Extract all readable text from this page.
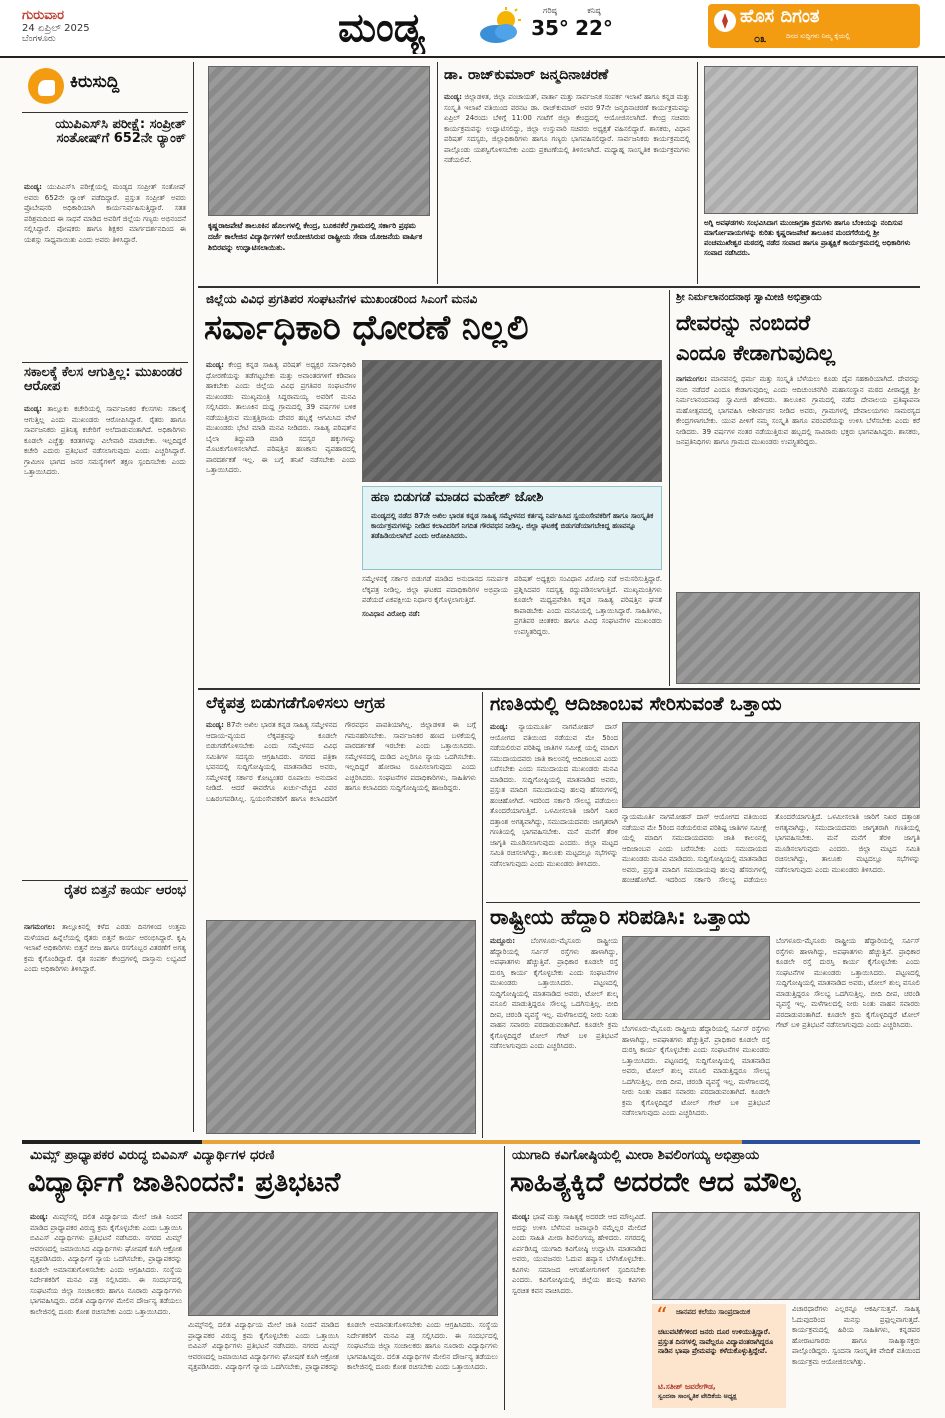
ಗುರುವಾರ
24 ಏಪ್ರಿಲ್ 2025
ಬೆಂಗಳೂರು	ಮಂಡ್ಯ	ಗರಿಷ್ಠ
35°
ಕನಿಷ್ಠ
22°	ಹೊಸ ದಿಗಂತ
ದಿನದ ಸುದ್ದಿಗಳು ನಿಮ್ಮ ಕೈಯಲ್ಲಿ
೦೩
ಕಿರುಸುದ್ದಿ
ಯುಪಿಎಸ್‌ಸಿ ಪರೀಕ್ಷೆ: ಸಂಪ್ರೀತ್ ಸಂತೋಷ್‌ಗೆ 652ನೇ ರ‍್ಯಾಂಕ್
ಮಂಡ್ಯ: ಯುಪಿಎಸ್‌ಸಿ ಪರೀಕ್ಷೆಯಲ್ಲಿ ಮಂಡ್ಯದ ಸಂಪ್ರೀತ್ ಸಂತೋಷ್ ಅವರು 652ನೇ ರ‍್ಯಾಂಕ್ ಪಡೆದಿದ್ದಾರೆ. ಪ್ರಸ್ತುತ ಸಂಪ್ರೀತ್ ಅವರು ಪ್ರೊಬೇಷನರಿ ಅಧಿಕಾರಿಯಾಗಿ ಕಾರ್ಯನಿರ್ವಹಿಸುತ್ತಿದ್ದಾರೆ. ಸತತ ಪರಿಶ್ರಮದಿಂದ ಈ ಸಾಧನೆ ಮಾಡಿದ ಅವರಿಗೆ ಜಿಲ್ಲೆಯ ಗಣ್ಯರು ಅಭಿನಂದನೆ ಸಲ್ಲಿಸಿದ್ದಾರೆ. ಪೋಷಕರು ಹಾಗೂ ಶಿಕ್ಷಕರ ಮಾರ್ಗದರ್ಶನದಿಂದ ಈ ಯಶಸ್ಸು ಸಾಧ್ಯವಾಯಿತು ಎಂದು ಅವರು ತಿಳಿಸಿದ್ದಾರೆ.
ಸಕಾಲಕ್ಕೆ ಕೆಲಸ ಆಗುತ್ತಿಲ್ಲ: ಮುಖಂಡರ ಆರೋಪ
ಮಂಡ್ಯ: ತಾಲ್ಲೂಕು ಕಚೇರಿಯಲ್ಲಿ ಸಾರ್ವಜನಿಕರ ಕೆಲಸಗಳು ಸಕಾಲಕ್ಕೆ ಆಗುತ್ತಿಲ್ಲ ಎಂದು ಮುಖಂಡರು ಆರೋಪಿಸಿದ್ದಾರೆ. ರೈತರು ಹಾಗೂ ಸಾರ್ವಜನಿಕರು ಪ್ರತಿನಿತ್ಯ ಕಚೇರಿಗೆ ಅಲೆದಾಡುವಂತಾಗಿದೆ. ಅಧಿಕಾರಿಗಳು ಕೂಡಲೇ ಎಚ್ಚೆತ್ತು ಕಡತಗಳನ್ನು ವಿಲೇವಾರಿ ಮಾಡಬೇಕು. ಇಲ್ಲದಿದ್ದರೆ ಕಚೇರಿ ಎದುರು ಪ್ರತಿಭಟನೆ ನಡೆಸಲಾಗುವುದು ಎಂದು ಎಚ್ಚರಿಸಿದ್ದಾರೆ. ಗ್ರಾಮೀಣ ಭಾಗದ ಜನರ ಸಮಸ್ಯೆಗಳಿಗೆ ತಕ್ಷಣ ಸ್ಪಂದಿಸಬೇಕು ಎಂದು ಒತ್ತಾಯಿಸಿದರು.
ರೈತರ ಬಿತ್ತನೆ ಕಾರ್ಯ ಆರಂಭ
ನಾಗಮಂಗಲ: ತಾಲ್ಲೂಕಿನಲ್ಲಿ ಕಳೆದ ಎರಡು ದಿನಗಳಿಂದ ಉತ್ತಮ ಮಳೆಯಾದ ಹಿನ್ನೆಲೆಯಲ್ಲಿ ರೈತರು ಬಿತ್ತನೆ ಕಾರ್ಯ ಆರಂಭಿಸಿದ್ದಾರೆ. ಕೃಷಿ ಇಲಾಖೆ ಅಧಿಕಾರಿಗಳು ಬಿತ್ತನೆ ಬೀಜ ಹಾಗೂ ರಸಗೊಬ್ಬರ ವಿತರಣೆಗೆ ಅಗತ್ಯ ಕ್ರಮ ಕೈಗೊಂಡಿದ್ದಾರೆ. ರೈತ ಸಂಪರ್ಕ ಕೇಂದ್ರಗಳಲ್ಲಿ ದಾಸ್ತಾನು ಲಭ್ಯವಿದೆ ಎಂದು ಅಧಿಕಾರಿಗಳು ತಿಳಿಸಿದ್ದಾರೆ.
ಕೃಷ್ಣರಾಜಪೇಟೆ ತಾಲೂಕಿನ ಹೊಲಗಳಲ್ಲಿ ಕೇಂದ್ರ, ಬೂಕನಕೆರೆ ಗ್ರಾಮದಲ್ಲಿ ಸರ್ಕಾರಿ ಪ್ರಥಮ ದರ್ಜೆ ಕಾಲೇಜಿನ ವಿದ್ಯಾರ್ಥಿಗಳಿಗೆ ಆಯೋಜಿಸಿರುವ ರಾಷ್ಟ್ರೀಯ ಸೇವಾ ಯೋಜನೆಯ ವಾರ್ಷಿಕ ಶಿಬಿರವನ್ನು ಉದ್ಘಾಟಿಸಲಾಯಿತು.
ಡಾ. ರಾಜ್‌ಕುಮಾರ್ ಜನ್ಮದಿನಾಚರಣೆ
ಮಂಡ್ಯ: ಜಿಲ್ಲಾಡಳಿತ, ಜಿಲ್ಲಾ ಪಂಚಾಯತ್, ವಾರ್ತಾ ಮತ್ತು ಸಾರ್ವಜನಿಕ ಸಂಪರ್ಕ ಇಲಾಖೆ ಹಾಗೂ ಕನ್ನಡ ಮತ್ತು ಸಂಸ್ಕೃತಿ ಇಲಾಖೆ ವತಿಯಿಂದ ವರನಟ ಡಾ. ರಾಜ್‌ಕುಮಾರ್ ಅವರ 97ನೇ ಜನ್ಮದಿನಾಚರಣೆ ಕಾರ್ಯಕ್ರಮವನ್ನು ಏಪ್ರಿಲ್ 24ರಂದು ಬೆಳಿಗ್ಗೆ 11:00 ಗಂಟೆಗೆ ಜಿಲ್ಲಾ ಕೇಂದ್ರದಲ್ಲಿ ಆಯೋಜಿಸಲಾಗಿದೆ. ಕೇಂದ್ರ ಸಚಿವರು ಕಾರ್ಯಕ್ರಮವನ್ನು ಉದ್ಘಾಟಿಸಲಿದ್ದು, ಜಿಲ್ಲಾ ಉಸ್ತುವಾರಿ ಸಚಿವರು ಅಧ್ಯಕ್ಷತೆ ವಹಿಸಲಿದ್ದಾರೆ. ಶಾಸಕರು, ವಿಧಾನ ಪರಿಷತ್ ಸದಸ್ಯರು, ಜಿಲ್ಲಾಧಿಕಾರಿಗಳು ಹಾಗೂ ಗಣ್ಯರು ಭಾಗವಹಿಸಲಿದ್ದಾರೆ. ಸಾರ್ವಜನಿಕರು ಕಾರ್ಯಕ್ರಮದಲ್ಲಿ ಪಾಲ್ಗೊಂಡು ಯಶಸ್ವಿಗೊಳಿಸಬೇಕು ಎಂದು ಪ್ರಕಟಣೆಯಲ್ಲಿ ತಿಳಿಸಲಾಗಿದೆ. ಮಧ್ಯಾಹ್ನ ಸಾಂಸ್ಕೃತಿಕ ಕಾರ್ಯಕ್ರಮಗಳು ನಡೆಯಲಿವೆ.
ಅಗ್ನಿ ಅವಘಡಗಳು ಸಂಭವಿಸಿದಾಗ ಮುಂಜಾಗ್ರತಾ ಕ್ರಮಗಳು ಹಾಗೂ ಬೆಂಕಿಯನ್ನು ನಂದಿಸುವ ಮಾರ್ಗೋಪಾಯಗಳನ್ನು ಕುರಿತು ಕೃಷ್ಣರಾಜಪೇಟೆ ತಾಲೂಕಿನ ಮಂದಗೆರೆಯಲ್ಲಿ ಶ್ರೀ ಪಂಚಮುಖೇಶ್ವರ ಮಠದಲ್ಲಿ ನಡೆದ ಸಂವಾದ ಹಾಗೂ ಪ್ರಾತ್ಯಕ್ಷಿಕೆ ಕಾರ್ಯಕ್ರಮದಲ್ಲಿ ಅಧಿಕಾರಿಗಳು ಸಂವಾದ ನಡೆಸಿದರು.
ಜಿಲ್ಲೆಯ ವಿವಿಧ ಪ್ರಗತಿಪರ ಸಂಘಟನೆಗಳ ಮುಖಂಡರಿಂದ ಸಿಎಂಗೆ ಮನವಿ
ಸರ್ವಾಧಿಕಾರಿ ಧೋರಣೆ ನಿಲ್ಲಲಿ
ಮಂಡ್ಯ: ಕೇಂದ್ರ ಕನ್ನಡ ಸಾಹಿತ್ಯ ಪರಿಷತ್ ಅಧ್ಯಕ್ಷರ ಸರ್ವಾಧಿಕಾರಿ ಧೋರಣೆಯನ್ನು ತಡೆಗಟ್ಟಬೇಕು ಮತ್ತು ಅವಾಂತರಗಳಿಗೆ ಕಡಿವಾಣ ಹಾಕಬೇಕು ಎಂದು ಜಿಲ್ಲೆಯ ವಿವಿಧ ಪ್ರಗತಿಪರ ಸಂಘಟನೆಗಳ ಮುಖಂಡರು ಮುಖ್ಯಮಂತ್ರಿ ಸಿದ್ದರಾಮಯ್ಯ ಅವರಿಗೆ ಮನವಿ ಸಲ್ಲಿಸಿದರು. ತಾಲೂಕಿನ ದುದ್ದ ಗ್ರಾಮದಲ್ಲಿ 39 ವರ್ಷಗಳ ಬಳಿಕ ನಡೆಯುತ್ತಿರುವ ಮುತ್ತತ್ತಿರಾಯ ದೇವರ ಹಬ್ಬಕ್ಕೆ ಆಗಮಿಸಿದ ವೇಳೆ ಮುಖಂಡರು ಭೇಟಿ ಮಾಡಿ ಮನವಿ ನೀಡಿದರು. ಸಾಹಿತ್ಯ ಪರಿಷತ್‌ನ ಬೈಲಾ ತಿದ್ದುಪಡಿ ಮಾಡಿ ಸದಸ್ಯರ ಹಕ್ಕುಗಳನ್ನು ಮೊಟಕುಗೊಳಿಸಲಾಗಿದೆ. ಪರಿಷತ್ತಿನ ಹಣಕಾಸು ವ್ಯವಹಾರದಲ್ಲಿ ಪಾರದರ್ಶಕತೆ ಇಲ್ಲ. ಈ ಬಗ್ಗೆ ತನಿಖೆ ನಡೆಸಬೇಕು ಎಂದು ಒತ್ತಾಯಿಸಿದರು.
ಹಣ ಬಿಡುಗಡೆ ಮಾಡದ ಮಹೇಶ್ ಜೋಶಿ
ಮಂಡ್ಯದಲ್ಲಿ ನಡೆದ 87ನೇ ಅಖಿಲ ಭಾರತ ಕನ್ನಡ ಸಾಹಿತ್ಯ ಸಮ್ಮೇಳನದ ಕರ್ತವ್ಯ ನಿರ್ವಹಿಸಿದ ಸ್ವಯಂಸೇವಕರಿಗೆ ಹಾಗೂ ಸಾಂಸ್ಕೃತಿಕ ಕಾರ್ಯಕ್ರಮಗಳನ್ನು ನೀಡಿದ ಕಲಾವಿದರಿಗೆ ನಿಗದಿತ ಗೌರವಧನ ನೀಡಿಲ್ಲ. ಜಿಲ್ಲಾ ಘಟಕಕ್ಕೆ ಬಿಡುಗಡೆಯಾಗಬೇಕಿದ್ದ ಹಣವನ್ನೂ ತಡೆಹಿಡಿಯಲಾಗಿದೆ ಎಂದು ಆರೋಪಿಸಿದರು.
ಸಮ್ಮೇಳನಕ್ಕೆ ಸರ್ಕಾರ ಬಿಡುಗಡೆ ಮಾಡಿದ ಅನುದಾನದ ಸಮರ್ಪಕ ಲೆಕ್ಕಪತ್ರ ನೀಡಿಲ್ಲ. ಜಿಲ್ಲಾ ಘಟಕದ ಪದಾಧಿಕಾರಿಗಳ ಅಭಿಪ್ರಾಯ ಪಡೆಯದೆ ಏಕಪಕ್ಷೀಯ ನಿರ್ಧಾರ ಕೈಗೊಳ್ಳಲಾಗುತ್ತಿದೆ.
ಸಂವಿಧಾನ ವಿರೋಧಿ ನಡೆ:
ಪರಿಷತ್ ಅಧ್ಯಕ್ಷರು ಸಂವಿಧಾನ ವಿರೋಧಿ ನಡೆ ಅನುಸರಿಸುತ್ತಿದ್ದಾರೆ. ಪ್ರಶ್ನಿಸಿದವರ ಸದಸ್ಯತ್ವ ರದ್ದುಪಡಿಸಲಾಗುತ್ತಿದೆ. ಮುಖ್ಯಮಂತ್ರಿಗಳು ಕೂಡಲೇ ಮಧ್ಯಪ್ರವೇಶಿಸಿ ಕನ್ನಡ ಸಾಹಿತ್ಯ ಪರಿಷತ್ತಿನ ಘನತೆ ಕಾಪಾಡಬೇಕು ಎಂದು ಮನವಿಯಲ್ಲಿ ಒತ್ತಾಯಿಸಿದ್ದಾರೆ. ಸಾಹಿತಿಗಳು, ಪ್ರಗತಿಪರ ಚಿಂತಕರು ಹಾಗೂ ವಿವಿಧ ಸಂಘಟನೆಗಳ ಮುಖಂಡರು ಉಪಸ್ಥಿತರಿದ್ದರು.
ಶ್ರೀ ನಿರ್ಮಲಾನಂದನಾಥ ಸ್ವಾಮೀಜಿ ಅಭಿಪ್ರಾಯ
ದೇವರನ್ನು ನಂಬಿದರೆ
ಎಂದೂ ಕೇಡಾಗುವುದಿಲ್ಲ
ನಾಗಮಂಗಲ: ಮಾನವನಲ್ಲಿ ಧರ್ಮ ಮತ್ತು ಸಂಸ್ಕೃತಿ ಬೆಳೆಯಲು ಕೂಡು ದೈವ ಸಹಕಾರಿಯಾಗಿದೆ. ದೇವರನ್ನು ನಂಬಿ ನಡೆದರೆ ಎಂದೂ ಕೇಡಾಗುವುದಿಲ್ಲ ಎಂದು ಆದಿಚುಂಚನಗಿರಿ ಮಹಾಸಂಸ್ಥಾನ ಮಠದ ಪೀಠಾಧ್ಯಕ್ಷ ಶ್ರೀ ನಿರ್ಮಲಾನಂದನಾಥ ಸ್ವಾಮೀಜಿ ಹೇಳಿದರು. ತಾಲೂಕಿನ ಗ್ರಾಮದಲ್ಲಿ ನಡೆದ ದೇವಾಲಯ ಪ್ರತಿಷ್ಠಾಪನಾ ಮಹೋತ್ಸವದಲ್ಲಿ ಭಾಗವಹಿಸಿ ಆಶೀರ್ವಚನ ನೀಡಿದ ಅವರು, ಗ್ರಾಮಗಳಲ್ಲಿ ದೇವಾಲಯಗಳು ಸಾಮರಸ್ಯದ ಕೇಂದ್ರಗಳಾಗಬೇಕು. ಯುವ ಪೀಳಿಗೆ ನಮ್ಮ ಸಂಸ್ಕೃತಿ ಹಾಗೂ ಪರಂಪರೆಯನ್ನು ಉಳಿಸಿ ಬೆಳೆಸಬೇಕು ಎಂದು ಕರೆ ನೀಡಿದರು. 39 ವರ್ಷಗಳ ನಂತರ ನಡೆಯುತ್ತಿರುವ ಹಬ್ಬದಲ್ಲಿ ಸಾವಿರಾರು ಭಕ್ತರು ಭಾಗವಹಿಸಿದ್ದರು. ಶಾಸಕರು, ಜನಪ್ರತಿನಿಧಿಗಳು ಹಾಗೂ ಗ್ರಾಮದ ಮುಖಂಡರು ಉಪಸ್ಥಿತರಿದ್ದರು.
ಲೆಕ್ಕಪತ್ರ ಬಿಡುಗಡೆಗೊಳಿಸಲು ಆಗ್ರಹ
ಮಂಡ್ಯ: 87ನೇ ಅಖಿಲ ಭಾರತ ಕನ್ನಡ ಸಾಹಿತ್ಯ ಸಮ್ಮೇಳನದ ಆದಾಯ-ವ್ಯಯದ ಲೆಕ್ಕಪತ್ರವನ್ನು ಕೂಡಲೇ ಬಿಡುಗಡೆಗೊಳಿಸಬೇಕು ಎಂದು ಸಮ್ಮೇಳನದ ವಿವಿಧ ಸಮಿತಿಗಳ ಸದಸ್ಯರು ಆಗ್ರಹಿಸಿದರು. ನಗರದ ಪತ್ರಿಕಾ ಭವನದಲ್ಲಿ ಸುದ್ದಿಗೋಷ್ಠಿಯಲ್ಲಿ ಮಾತನಾಡಿದ ಅವರು, ಸಮ್ಮೇಳನಕ್ಕೆ ಸರ್ಕಾರ ಕೋಟ್ಯಂತರ ರೂಪಾಯಿ ಅನುದಾನ ನೀಡಿದೆ. ಆದರೆ ಈವರೆಗೂ ಖರ್ಚು-ವೆಚ್ಚದ ವಿವರ ಬಹಿರಂಗಪಡಿಸಿಲ್ಲ. ಸ್ವಯಂಸೇವಕರಿಗೆ ಹಾಗೂ ಕಲಾವಿದರಿಗೆ ಗೌರವಧನ ಪಾವತಿಯಾಗಿಲ್ಲ. ಜಿಲ್ಲಾಡಳಿತ ಈ ಬಗ್ಗೆ ಗಮನಹರಿಸಬೇಕು. ಸಾರ್ವಜನಿಕರ ಹಣದ ಬಳಕೆಯಲ್ಲಿ ಪಾರದರ್ಶಕತೆ ಇರಬೇಕು ಎಂದು ಒತ್ತಾಯಿಸಿದರು. ಸಮ್ಮೇಳನದಲ್ಲಿ ದುಡಿದ ಎಲ್ಲರಿಗೂ ನ್ಯಾಯ ಒದಗಿಸಬೇಕು. ಇಲ್ಲದಿದ್ದರೆ ಹೋರಾಟ ರೂಪಿಸಲಾಗುವುದು ಎಂದು ಎಚ್ಚರಿಸಿದರು. ಸಂಘಟನೆಗಳ ಪದಾಧಿಕಾರಿಗಳು, ಸಾಹಿತಿಗಳು ಹಾಗೂ ಕಲಾವಿದರು ಸುದ್ದಿಗೋಷ್ಠಿಯಲ್ಲಿ ಹಾಜರಿದ್ದರು.
ಗಣತಿಯಲ್ಲಿ ಆದಿಜಾಂಬವ ಸೇರಿಸುವಂತೆ ಒತ್ತಾಯ
ಮಂಡ್ಯ: ನ್ಯಾಯಮೂರ್ತಿ ನಾಗಮೋಹನ್ ದಾಸ್ ಆಯೋಗದ ವತಿಯಿಂದ ನಡೆಯುವ ಮೇ 5ರಿಂದ ನಡೆಯಲಿರುವ ಪರಿಶಿಷ್ಟ ಜಾತಿಗಳ ಸಮೀಕ್ಷೆ ಯಲ್ಲಿ ಮಾದಿಗ ಸಮುದಾಯದವರು ಜಾತಿ ಕಾಲಂನಲ್ಲಿ ಆದಿಜಾಂಬವ ಎಂದು ಬರೆಸಬೇಕು ಎಂದು ಸಮುದಾಯದ ಮುಖಂಡರು ಮನವಿ ಮಾಡಿದರು. ಸುದ್ದಿಗೋಷ್ಠಿಯಲ್ಲಿ ಮಾತನಾಡಿದ ಅವರು, ಪ್ರಸ್ತುತ ಮಾದಿಗ ಸಮುದಾಯವು ಹಲವು ಹೆಸರುಗಳಲ್ಲಿ ಹಂಚಿಹೋಗಿದೆ. ಇದರಿಂದ ಸರ್ಕಾರಿ ಸೌಲಭ್ಯ ಪಡೆಯಲು ತೊಂದರೆಯಾಗುತ್ತಿದೆ. ಒಳಮೀಸಲಾತಿ ಜಾರಿಗೆ ನಿಖರ ದತ್ತಾಂಶ ಅಗತ್ಯವಾಗಿದ್ದು, ಸಮುದಾಯದವರು ಜಾಗೃತರಾಗಿ ಗಣತಿಯಲ್ಲಿ ಭಾಗವಹಿಸಬೇಕು. ಮನೆ ಮನೆಗೆ ತೆರಳಿ ಜಾಗೃತಿ ಮೂಡಿಸಲಾಗುವುದು ಎಂದರು. ಜಿಲ್ಲಾ ಮಟ್ಟದ ಸಮಿತಿ ರಚಿಸಲಾಗಿದ್ದು, ತಾಲೂಕು ಮಟ್ಟದಲ್ಲೂ ಸಭೆಗಳನ್ನು ನಡೆಸಲಾಗುವುದು ಎಂದು ಮುಖಂಡರು ತಿಳಿಸಿದರು.
ನ್ಯಾಯಮೂರ್ತಿ ನಾಗಮೋಹನ್ ದಾಸ್ ಆಯೋಗದ ವತಿಯಿಂದ ನಡೆಯುವ ಮೇ 5ರಿಂದ ನಡೆಯಲಿರುವ ಪರಿಶಿಷ್ಟ ಜಾತಿಗಳ ಸಮೀಕ್ಷೆ ಯಲ್ಲಿ ಮಾದಿಗ ಸಮುದಾಯದವರು ಜಾತಿ ಕಾಲಂನಲ್ಲಿ ಆದಿಜಾಂಬವ ಎಂದು ಬರೆಸಬೇಕು ಎಂದು ಸಮುದಾಯದ ಮುಖಂಡರು ಮನವಿ ಮಾಡಿದರು. ಸುದ್ದಿಗೋಷ್ಠಿಯಲ್ಲಿ ಮಾತನಾಡಿದ ಅವರು, ಪ್ರಸ್ತುತ ಮಾದಿಗ ಸಮುದಾಯವು ಹಲವು ಹೆಸರುಗಳಲ್ಲಿ ಹಂಚಿಹೋಗಿದೆ. ಇದರಿಂದ ಸರ್ಕಾರಿ ಸೌಲಭ್ಯ ಪಡೆಯಲು ತೊಂದರೆಯಾಗುತ್ತಿದೆ. ಒಳಮೀಸಲಾತಿ ಜಾರಿಗೆ ನಿಖರ ದತ್ತಾಂಶ ಅಗತ್ಯವಾಗಿದ್ದು, ಸಮುದಾಯದವರು ಜಾಗೃತರಾಗಿ ಗಣತಿಯಲ್ಲಿ ಭಾಗವಹಿಸಬೇಕು. ಮನೆ ಮನೆಗೆ ತೆರಳಿ ಜಾಗೃತಿ ಮೂಡಿಸಲಾಗುವುದು ಎಂದರು. ಜಿಲ್ಲಾ ಮಟ್ಟದ ಸಮಿತಿ ರಚಿಸಲಾಗಿದ್ದು, ತಾಲೂಕು ಮಟ್ಟದಲ್ಲೂ ಸಭೆಗಳನ್ನು ನಡೆಸಲಾಗುವುದು ಎಂದು ಮುಖಂಡರು ತಿಳಿಸಿದರು.
ರಾಷ್ಟ್ರೀಯ ಹೆದ್ದಾರಿ ಸರಿಪಡಿಸಿ: ಒತ್ತಾಯ
ಮದ್ದೂರು: ಬೆಂಗಳೂರು-ಮೈಸೂರು ರಾಷ್ಟ್ರೀಯ ಹೆದ್ದಾರಿಯಲ್ಲಿ ಸರ್ವಿಸ್ ರಸ್ತೆಗಳು ಹಾಳಾಗಿದ್ದು, ಅಪಘಾತಗಳು ಹೆಚ್ಚುತ್ತಿವೆ. ಪ್ರಾಧಿಕಾರ ಕೂಡಲೇ ರಸ್ತೆ ದುರಸ್ತಿ ಕಾರ್ಯ ಕೈಗೊಳ್ಳಬೇಕು ಎಂದು ಸಂಘಟನೆಗಳ ಮುಖಂಡರು ಒತ್ತಾಯಿಸಿದರು. ಪಟ್ಟಣದಲ್ಲಿ ಸುದ್ದಿಗೋಷ್ಠಿಯಲ್ಲಿ ಮಾತನಾಡಿದ ಅವರು, ಟೋಲ್ ಶುಲ್ಕ ವಸೂಲಿ ಮಾಡುತ್ತಿದ್ದರೂ ಸೌಲಭ್ಯ ಒದಗಿಸುತ್ತಿಲ್ಲ. ಬೀದಿ ದೀಪ, ಚರಂಡಿ ವ್ಯವಸ್ಥೆ ಇಲ್ಲ. ಮಳೆಗಾಲದಲ್ಲಿ ನೀರು ನಿಂತು ವಾಹನ ಸವಾರರು ಪರದಾಡುವಂತಾಗಿದೆ. ಕೂಡಲೇ ಕ್ರಮ ಕೈಗೊಳ್ಳದಿದ್ದರೆ ಟೋಲ್ ಗೇಟ್ ಬಳಿ ಪ್ರತಿಭಟನೆ ನಡೆಸಲಾಗುವುದು ಎಂದು ಎಚ್ಚರಿಸಿದರು.
ಬೆಂಗಳೂರು-ಮೈಸೂರು ರಾಷ್ಟ್ರೀಯ ಹೆದ್ದಾರಿಯಲ್ಲಿ ಸರ್ವಿಸ್ ರಸ್ತೆಗಳು ಹಾಳಾಗಿದ್ದು, ಅಪಘಾತಗಳು ಹೆಚ್ಚುತ್ತಿವೆ. ಪ್ರಾಧಿಕಾರ ಕೂಡಲೇ ರಸ್ತೆ ದುರಸ್ತಿ ಕಾರ್ಯ ಕೈಗೊಳ್ಳಬೇಕು ಎಂದು ಸಂಘಟನೆಗಳ ಮುಖಂಡರು ಒತ್ತಾಯಿಸಿದರು. ಪಟ್ಟಣದಲ್ಲಿ ಸುದ್ದಿಗೋಷ್ಠಿಯಲ್ಲಿ ಮಾತನಾಡಿದ ಅವರು, ಟೋಲ್ ಶುಲ್ಕ ವಸೂಲಿ ಮಾಡುತ್ತಿದ್ದರೂ ಸೌಲಭ್ಯ ಒದಗಿಸುತ್ತಿಲ್ಲ. ಬೀದಿ ದೀಪ, ಚರಂಡಿ ವ್ಯವಸ್ಥೆ ಇಲ್ಲ. ಮಳೆಗಾಲದಲ್ಲಿ ನೀರು ನಿಂತು ವಾಹನ ಸವಾರರು ಪರದಾಡುವಂತಾಗಿದೆ. ಕೂಡಲೇ ಕ್ರಮ ಕೈಗೊಳ್ಳದಿದ್ದರೆ ಟೋಲ್ ಗೇಟ್ ಬಳಿ ಪ್ರತಿಭಟನೆ ನಡೆಸಲಾಗುವುದು ಎಂದು ಎಚ್ಚರಿಸಿದರು.
ಬೆಂಗಳೂರು-ಮೈಸೂರು ರಾಷ್ಟ್ರೀಯ ಹೆದ್ದಾರಿಯಲ್ಲಿ ಸರ್ವಿಸ್ ರಸ್ತೆಗಳು ಹಾಳಾಗಿದ್ದು, ಅಪಘಾತಗಳು ಹೆಚ್ಚುತ್ತಿವೆ. ಪ್ರಾಧಿಕಾರ ಕೂಡಲೇ ರಸ್ತೆ ದುರಸ್ತಿ ಕಾರ್ಯ ಕೈಗೊಳ್ಳಬೇಕು ಎಂದು ಸಂಘಟನೆಗಳ ಮುಖಂಡರು ಒತ್ತಾಯಿಸಿದರು. ಪಟ್ಟಣದಲ್ಲಿ ಸುದ್ದಿಗೋಷ್ಠಿಯಲ್ಲಿ ಮಾತನಾಡಿದ ಅವರು, ಟೋಲ್ ಶುಲ್ಕ ವಸೂಲಿ ಮಾಡುತ್ತಿದ್ದರೂ ಸೌಲಭ್ಯ ಒದಗಿಸುತ್ತಿಲ್ಲ. ಬೀದಿ ದೀಪ, ಚರಂಡಿ ವ್ಯವಸ್ಥೆ ಇಲ್ಲ. ಮಳೆಗಾಲದಲ್ಲಿ ನೀರು ನಿಂತು ವಾಹನ ಸವಾರರು ಪರದಾಡುವಂತಾಗಿದೆ. ಕೂಡಲೇ ಕ್ರಮ ಕೈಗೊಳ್ಳದಿದ್ದರೆ ಟೋಲ್ ಗೇಟ್ ಬಳಿ ಪ್ರತಿಭಟನೆ ನಡೆಸಲಾಗುವುದು ಎಂದು ಎಚ್ಚರಿಸಿದರು.
ಮಿಮ್ಸ್ ಪ್ರಾಧ್ಯಾಪಕರ ವಿರುದ್ಧ ಬಿವಿಎಸ್ ವಿದ್ಯಾರ್ಥಿಗಳ ಧರಣಿ
ವಿದ್ಯಾರ್ಥಿಗೆ ಜಾತಿನಿಂದನೆ: ಪ್ರತಿಭಟನೆ
ಮಂಡ್ಯ: ಮಿಮ್ಸ್‌ನಲ್ಲಿ ದಲಿತ ವಿದ್ಯಾರ್ಥಿಯ ಮೇಲೆ ಜಾತಿ ನಿಂದನೆ ಮಾಡಿದ ಪ್ರಾಧ್ಯಾಪಕರ ವಿರುದ್ಧ ಕ್ರಮ ಕೈಗೊಳ್ಳಬೇಕು ಎಂದು ಒತ್ತಾಯಿಸಿ ಬಿವಿಎಸ್ ವಿದ್ಯಾರ್ಥಿಗಳು ಪ್ರತಿಭಟನೆ ನಡೆಸಿದರು. ನಗರದ ಮಿಮ್ಸ್ ಆವರಣದಲ್ಲಿ ಜಮಾಯಿಸಿದ ವಿದ್ಯಾರ್ಥಿಗಳು ಘೋಷಣೆ ಕೂಗಿ ಆಕ್ರೋಶ ವ್ಯಕ್ತಪಡಿಸಿದರು. ವಿದ್ಯಾರ್ಥಿಗೆ ನ್ಯಾಯ ಒದಗಿಸಬೇಕು, ಪ್ರಾಧ್ಯಾಪಕರನ್ನು ಕೂಡಲೇ ಅಮಾನತುಗೊಳಿಸಬೇಕು ಎಂದು ಆಗ್ರಹಿಸಿದರು. ಸಂಸ್ಥೆಯ ನಿರ್ದೇಶಕರಿಗೆ ಮನವಿ ಪತ್ರ ಸಲ್ಲಿಸಿದರು. ಈ ಸಂದರ್ಭದಲ್ಲಿ ಸಂಘಟನೆಯ ಜಿಲ್ಲಾ ಸಂಚಾಲಕರು ಹಾಗೂ ನೂರಾರು ವಿದ್ಯಾರ್ಥಿಗಳು ಭಾಗವಹಿಸಿದ್ದರು. ದಲಿತ ವಿದ್ಯಾರ್ಥಿಗಳ ಮೇಲಿನ ದೌರ್ಜನ್ಯ ತಡೆಯಲು ಕಾಲೇಜಿನಲ್ಲಿ ದೂರು ಕೋಶ ರಚಿಸಬೇಕು ಎಂದು ಒತ್ತಾಯಿಸಿದರು.
ಮಿಮ್ಸ್‌ನಲ್ಲಿ ದಲಿತ ವಿದ್ಯಾರ್ಥಿಯ ಮೇಲೆ ಜಾತಿ ನಿಂದನೆ ಮಾಡಿದ ಪ್ರಾಧ್ಯಾಪಕರ ವಿರುದ್ಧ ಕ್ರಮ ಕೈಗೊಳ್ಳಬೇಕು ಎಂದು ಒತ್ತಾಯಿಸಿ ಬಿವಿಎಸ್ ವಿದ್ಯಾರ್ಥಿಗಳು ಪ್ರತಿಭಟನೆ ನಡೆಸಿದರು. ನಗರದ ಮಿಮ್ಸ್ ಆವರಣದಲ್ಲಿ ಜಮಾಯಿಸಿದ ವಿದ್ಯಾರ್ಥಿಗಳು ಘೋಷಣೆ ಕೂಗಿ ಆಕ್ರೋಶ ವ್ಯಕ್ತಪಡಿಸಿದರು. ವಿದ್ಯಾರ್ಥಿಗೆ ನ್ಯಾಯ ಒದಗಿಸಬೇಕು, ಪ್ರಾಧ್ಯಾಪಕರನ್ನು ಕೂಡಲೇ ಅಮಾನತುಗೊಳಿಸಬೇಕು ಎಂದು ಆಗ್ರಹಿಸಿದರು. ಸಂಸ್ಥೆಯ ನಿರ್ದೇಶಕರಿಗೆ ಮನವಿ ಪತ್ರ ಸಲ್ಲಿಸಿದರು. ಈ ಸಂದರ್ಭದಲ್ಲಿ ಸಂಘಟನೆಯ ಜಿಲ್ಲಾ ಸಂಚಾಲಕರು ಹಾಗೂ ನೂರಾರು ವಿದ್ಯಾರ್ಥಿಗಳು ಭಾಗವಹಿಸಿದ್ದರು. ದಲಿತ ವಿದ್ಯಾರ್ಥಿಗಳ ಮೇಲಿನ ದೌರ್ಜನ್ಯ ತಡೆಯಲು ಕಾಲೇಜಿನಲ್ಲಿ ದೂರು ಕೋಶ ರಚಿಸಬೇಕು ಎಂದು ಒತ್ತಾಯಿಸಿದರು.
ಯುಗಾದಿ ಕವಿಗೋಷ್ಠಿಯಲ್ಲಿ ಮೀರಾ ಶಿವಲಿಂಗಯ್ಯ ಅಭಿಪ್ರಾಯ
ಸಾಹಿತ್ಯಕ್ಕಿದೆ ಅದರದೇ ಆದ ಮೌಲ್ಯ
ಮಂಡ್ಯ: ಭಾಷೆ ಮತ್ತು ಸಾಹಿತ್ಯಕ್ಕೆ ಅದರದೇ ಆದ ಮೌಲ್ಯವಿದೆ. ಅದನ್ನು ಉಳಿಸಿ ಬೆಳೆಸುವ ಜವಾಬ್ದಾರಿ ನಮ್ಮೆಲ್ಲರ ಮೇಲಿದೆ ಎಂದು ಸಾಹಿತಿ ಮೀರಾ ಶಿವಲಿಂಗಯ್ಯ ಹೇಳಿದರು. ನಗರದಲ್ಲಿ ಏರ್ಪಡಿಸಿದ್ದ ಯುಗಾದಿ ಕವಿಗೋಷ್ಠಿ ಉದ್ಘಾಟಿಸಿ ಮಾತನಾಡಿದ ಅವರು, ಯುವಜನರು ಓದುವ ಹವ್ಯಾಸ ಬೆಳೆಸಿಕೊಳ್ಳಬೇಕು. ಕವಿಗಳು ಸಮಾಜದ ಆಗುಹೋಗುಗಳಿಗೆ ಸ್ಪಂದಿಸಬೇಕು ಎಂದರು. ಕವಿಗೋಷ್ಠಿಯಲ್ಲಿ ಜಿಲ್ಲೆಯ ಹಲವು ಕವಿಗಳು ಸ್ವರಚಿತ ಕವನ ವಾಚಿಸಿದರು.
“	ಜಾನಪದ ಕಲೆಯು ಸಾಂಪ್ರದಾಯಿಕ
ಚಟುವಟಿಕೆಗಳಿಂದ ಜನರು ದೂರ ಉಳಿಯುತ್ತಿದ್ದಾರೆ. ಪ್ರಸ್ತುತ ದಿನಗಳಲ್ಲಿ ನಾವೆಲ್ಲರೂ ವಿದ್ಯಾವಂತರಾಗಿದ್ದರೂ ನಾಡಿನ ಭಾಷಾ ಪ್ರೇಮವನ್ನು ಕಳೆದುಕೊಳ್ಳುತ್ತಿದ್ದೇವೆ.
ಟಿ.ಸತೀಶ್ ಜವರೇಗೌಡ,
ಸ್ವಂದನಾ ಸಾಂಸ್ಕೃತಿಕ ವೇದಿಕೆಯ ಅಧ್ಯಕ್ಷ
ವಿಚಾರಧಾರೆಗಳು ಎಲ್ಲರನ್ನೂ ಆಕರ್ಷಿಸುತ್ತವೆ. ಸಾಹಿತ್ಯ ಓದುವುದರಿಂದ ಮನಸ್ಸು ಪ್ರಫುಲ್ಲವಾಗುತ್ತದೆ. ಕಾರ್ಯಕ್ರಮದಲ್ಲಿ ಹಿರಿಯ ಸಾಹಿತಿಗಳು, ಕನ್ನಡಪರ ಹೋರಾಟಗಾರರು ಹಾಗೂ ಸಾಹಿತ್ಯಾಸಕ್ತರು ಪಾಲ್ಗೊಂಡಿದ್ದರು. ಸ್ವಂದನಾ ಸಾಂಸ್ಕೃತಿಕ ವೇದಿಕೆ ವತಿಯಿಂದ ಕಾರ್ಯಕ್ರಮ ಆಯೋಜಿಸಲಾಗಿತ್ತು.
